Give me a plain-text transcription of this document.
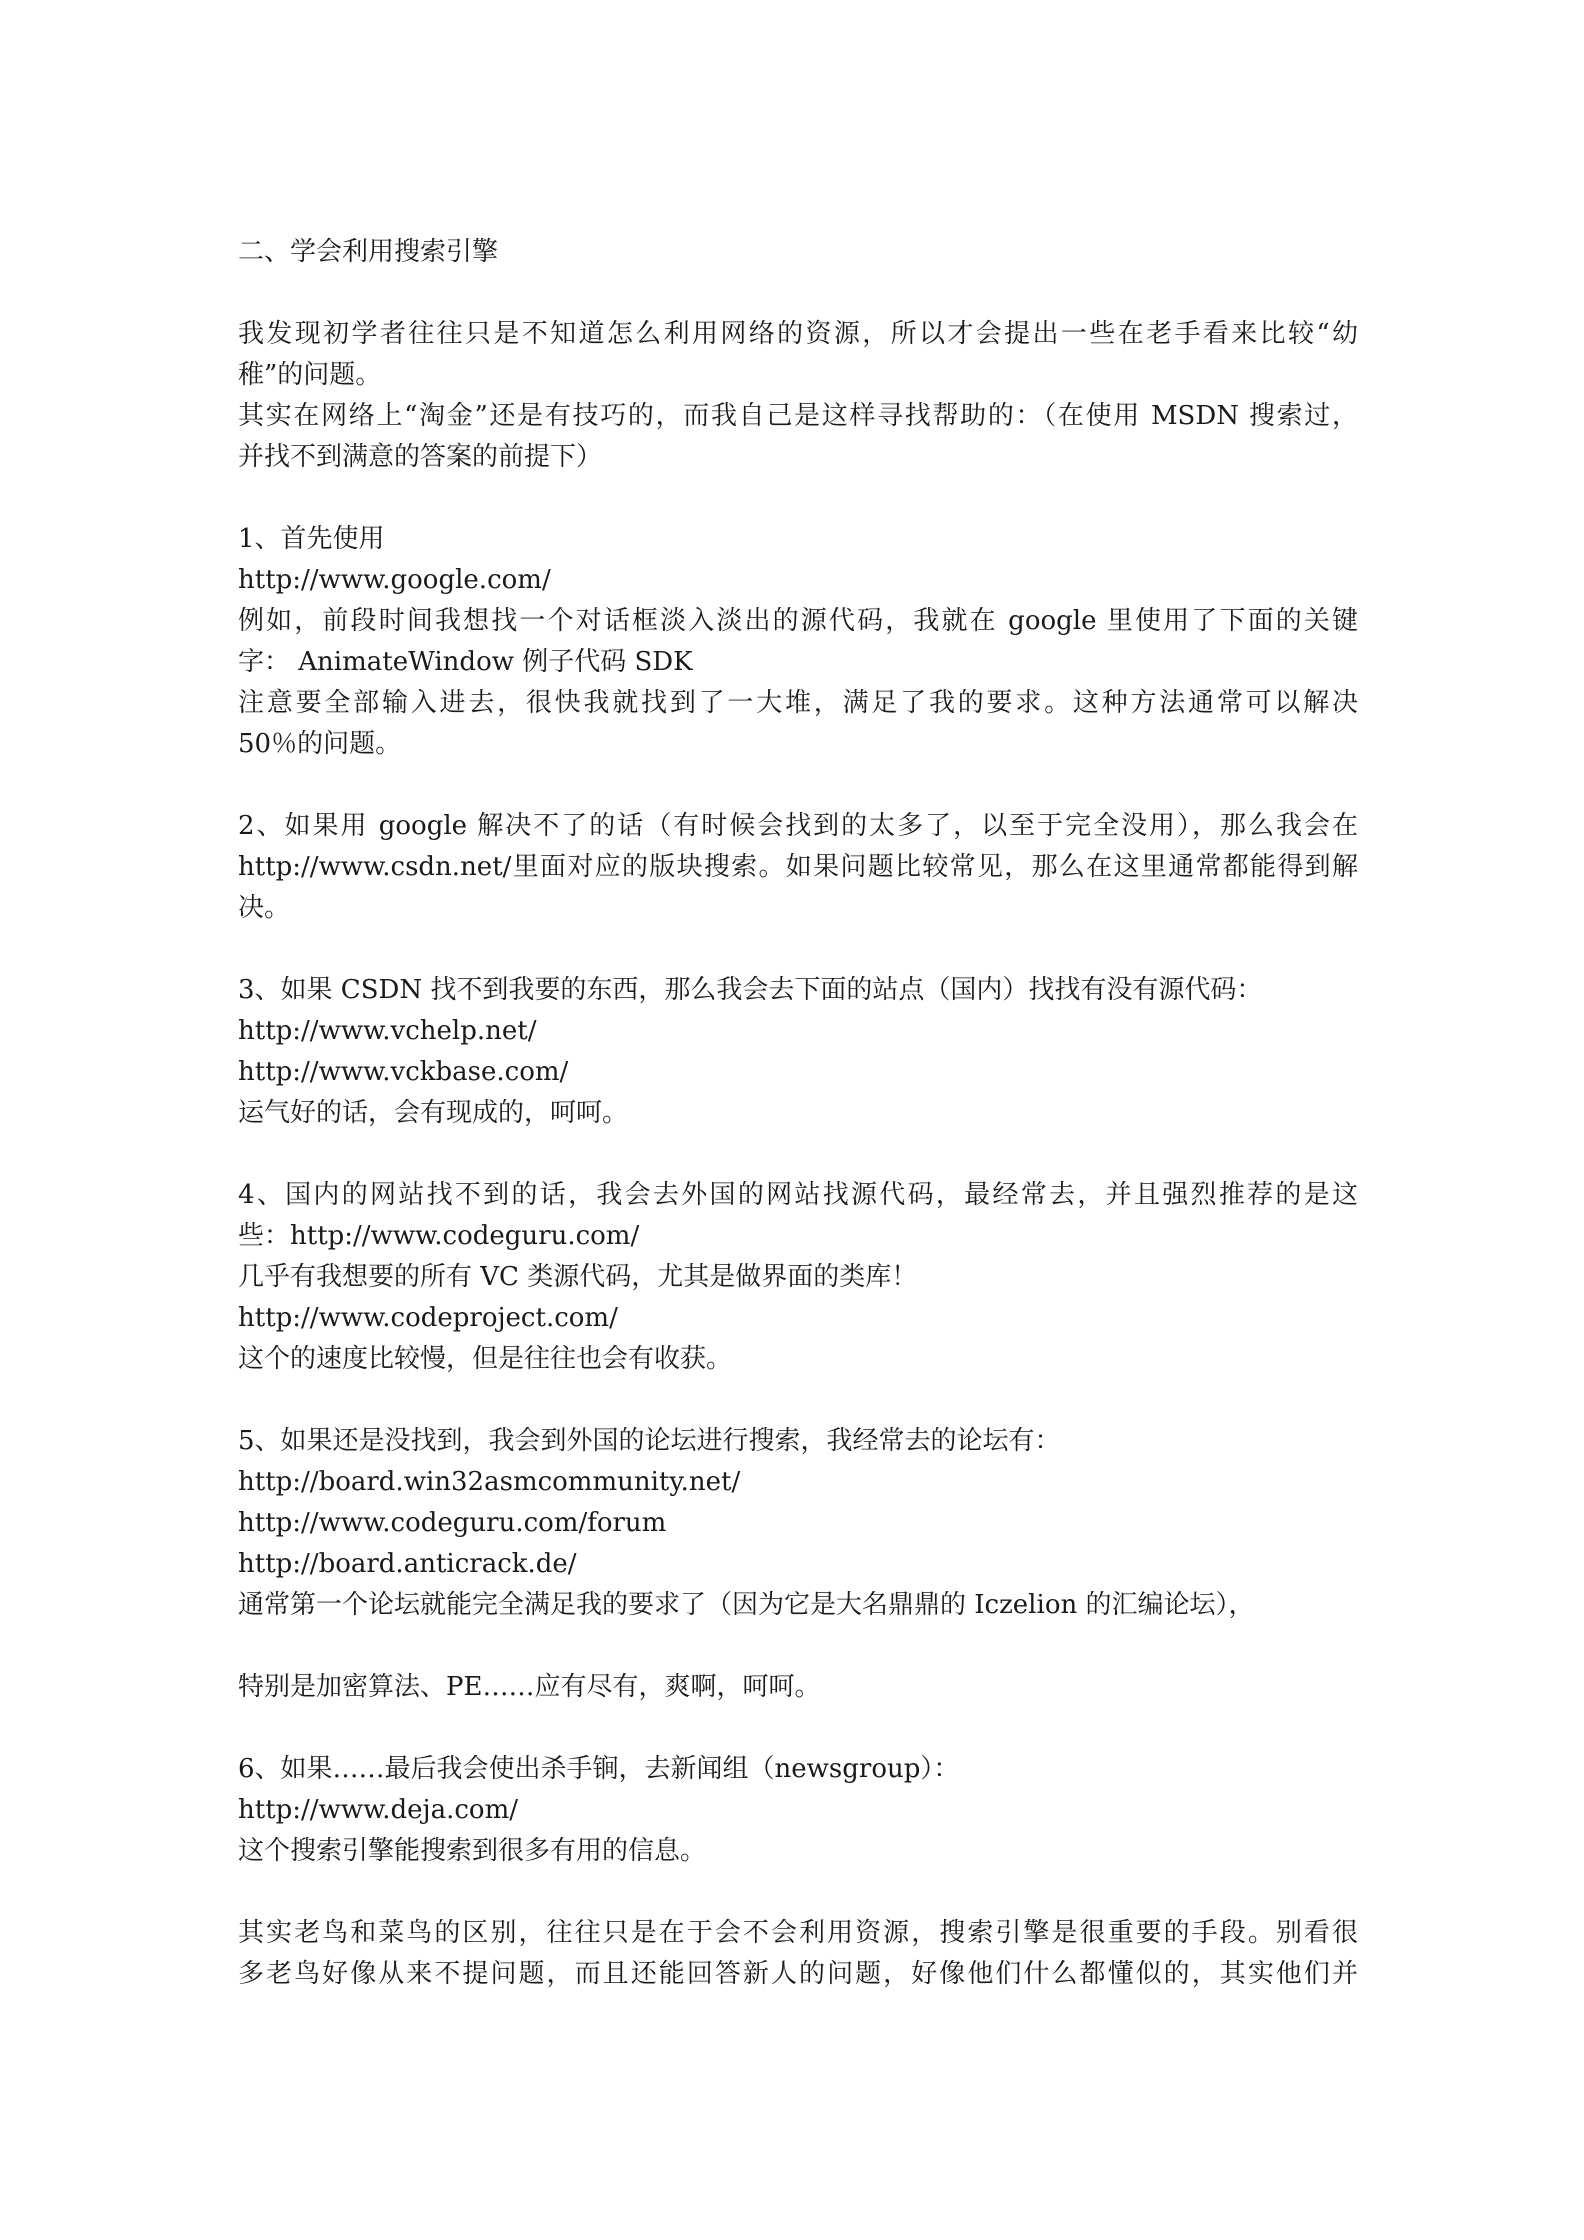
二、学会利用搜索引擎
我发现初学者往往只是不知道怎么利用网络的资源，所以才会提出一些在老手看来比较“幼
稚”的问题。
其实在网络上“淘金”还是有技巧的，而我自己是这样寻找帮助的：（在使用 MSDN 搜索过，
并找不到满意的答案的前提下）
1、首先使用
http://www.google.com/
例如，前段时间我想找一个对话框淡入淡出的源代码，我就在 google 里使用了下面的关键
字： AnimateWindow 例子代码 SDK
注意要全部输入进去，很快我就找到了一大堆，满足了我的要求。这种方法通常可以解决
50％的问题。
2、如果用 google 解决不了的话（有时候会找到的太多了，以至于完全没用），那么我会在
http://www.csdn.net/里面对应的版块搜索。如果问题比较常见，那么在这里通常都能得到解
决。
3、如果 CSDN 找不到我要的东西，那么我会去下面的站点（国内）找找有没有源代码：
http://www.vchelp.net/
http://www.vckbase.com/
运气好的话，会有现成的，呵呵。
4、国内的网站找不到的话，我会去外国的网站找源代码，最经常去，并且强烈推荐的是这
些：http://www.codeguru.com/
几乎有我想要的所有 VC 类源代码，尤其是做界面的类库！
http://www.codeproject.com/
这个的速度比较慢，但是往往也会有收获。
5、如果还是没找到，我会到外国的论坛进行搜索，我经常去的论坛有：
http://board.win32asmcommunity.net/
http://www.codeguru.com/forum
http://board.anticrack.de/
通常第一个论坛就能完全满足我的要求了（因为它是大名鼎鼎的 Iczelion 的汇编论坛），
特别是加密算法、PE……应有尽有，爽啊，呵呵。
6、如果……最后我会使出杀手锏，去新闻组（newsgroup）：
http://www.deja.com/
这个搜索引擎能搜索到很多有用的信息。
其实老鸟和菜鸟的区别，往往只是在于会不会利用资源，搜索引擎是很重要的手段。别看很
多老鸟好像从来不提问题，而且还能回答新人的问题，好像他们什么都懂似的，其实他们并
